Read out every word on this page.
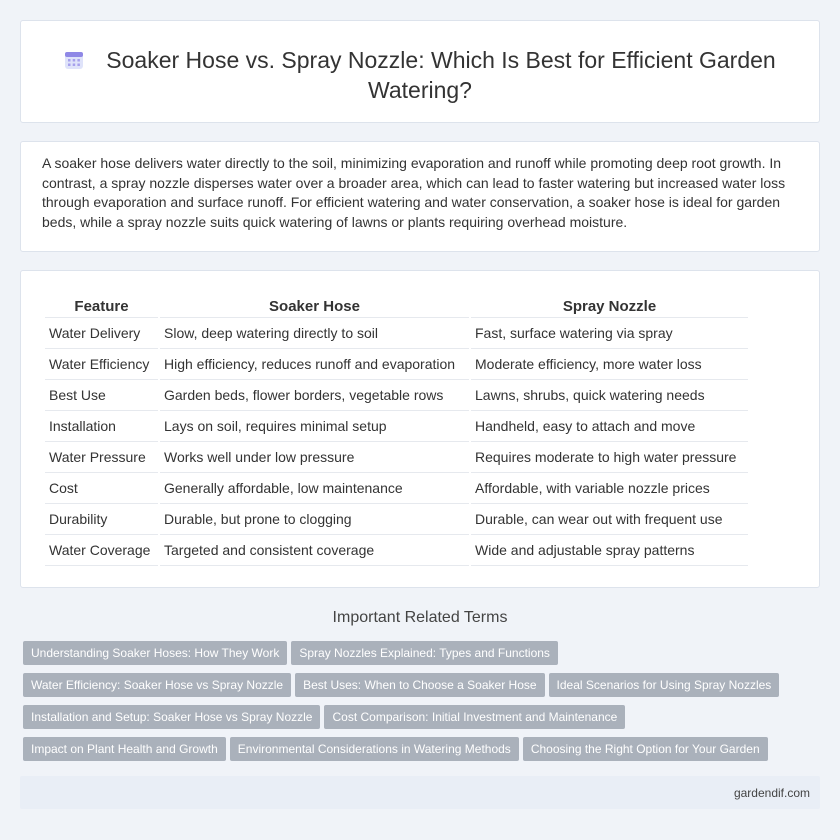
Soaker Hose vs. Spray Nozzle: Which Is Best for Efficient Garden Watering?

A soaker hose delivers water directly to the soil, minimizing evaporation and runoff while promoting deep root growth. In contrast, a spray nozzle disperses water over a broader area, which can lead to faster watering but increased water loss through evaporation and surface runoff. For efficient watering and water conservation, a soaker hose is ideal for garden beds, while a spray nozzle suits quick watering of lawns or plants requiring overhead moisture.

Feature	Soaker Hose	Spray Nozzle
Water Delivery	Slow, deep watering directly to soil	Fast, surface watering via spray
Water Efficiency	High efficiency, reduces runoff and evaporation	Moderate efficiency, more water loss
Best Use	Garden beds, flower borders, vegetable rows	Lawns, shrubs, quick watering needs
Installation	Lays on soil, requires minimal setup	Handheld, easy to attach and move
Water Pressure	Works well under low pressure	Requires moderate to high water pressure
Cost	Generally affordable, low maintenance	Affordable, with variable nozzle prices
Durability	Durable, but prone to clogging	Durable, can wear out with frequent use
Water Coverage	Targeted and consistent coverage	Wide and adjustable spray patterns
Important Related Terms
Understanding Soaker Hoses: How They Work Spray Nozzles Explained: Types and Functions
Water Efficiency: Soaker Hose vs Spray Nozzle Best Uses: When to Choose a Soaker Hose Ideal Scenarios for Using Spray Nozzles
Installation and Setup: Soaker Hose vs Spray Nozzle Cost Comparison: Initial Investment and Maintenance
Impact on Plant Health and Growth Environmental Considerations in Watering Methods Choosing the Right Option for Your Garden
gardendif.com
